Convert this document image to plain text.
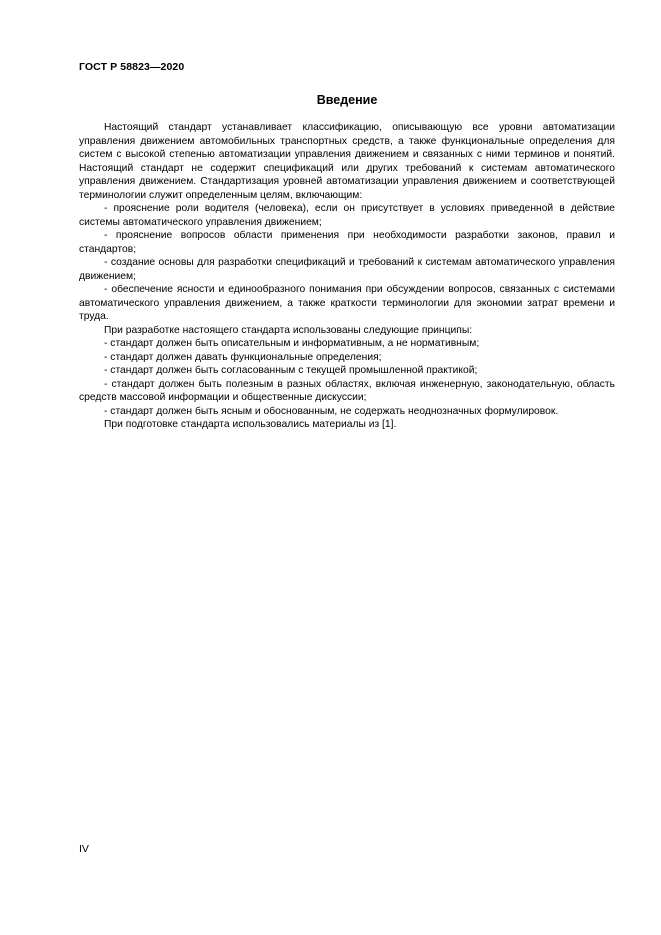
ГОСТ Р 58823—2020
Введение

Настоящий стандарт устанавливает классификацию, описывающую все уровни автоматизации управления движением автомобильных транспортных средств, а также функциональные определения для систем с высокой степенью автоматизации управления движением и связанных с ними терминов и понятий. Настоящий стандарт не содержит спецификаций или других требований к системам автоматического управления движением. Стандартизация уровней автоматизации управления движением и соответствующей терминологии служит определенным целям, включающим:

- прояснение роли водителя (человека), если он присутствует в условиях приведенной в действие системы автоматического управления движением;

- прояснение вопросов области применения при необходимости разработки законов, правил и стандартов;

- создание основы для разработки спецификаций и требований к системам автоматического управления движением;

- обеспечение ясности и единообразного понимания при обсуждении вопросов, связанных с системами автоматического управления движением, а также краткости терминологии для экономии затрат времени и труда.

При разработке настоящего стандарта использованы следующие принципы:

- стандарт должен быть описательным и информативным, а не нормативным;

- стандарт должен давать функциональные определения;

- стандарт должен быть согласованным с текущей промышленной практикой;

- стандарт должен быть полезным в разных областях, включая инженерную, законодательную, область средств массовой информации и общественные дискуссии;

- стандарт должен быть ясным и обоснованным, не содержать неоднозначных формулировок.

При подготовке стандарта использовались материалы из [1].

IV
